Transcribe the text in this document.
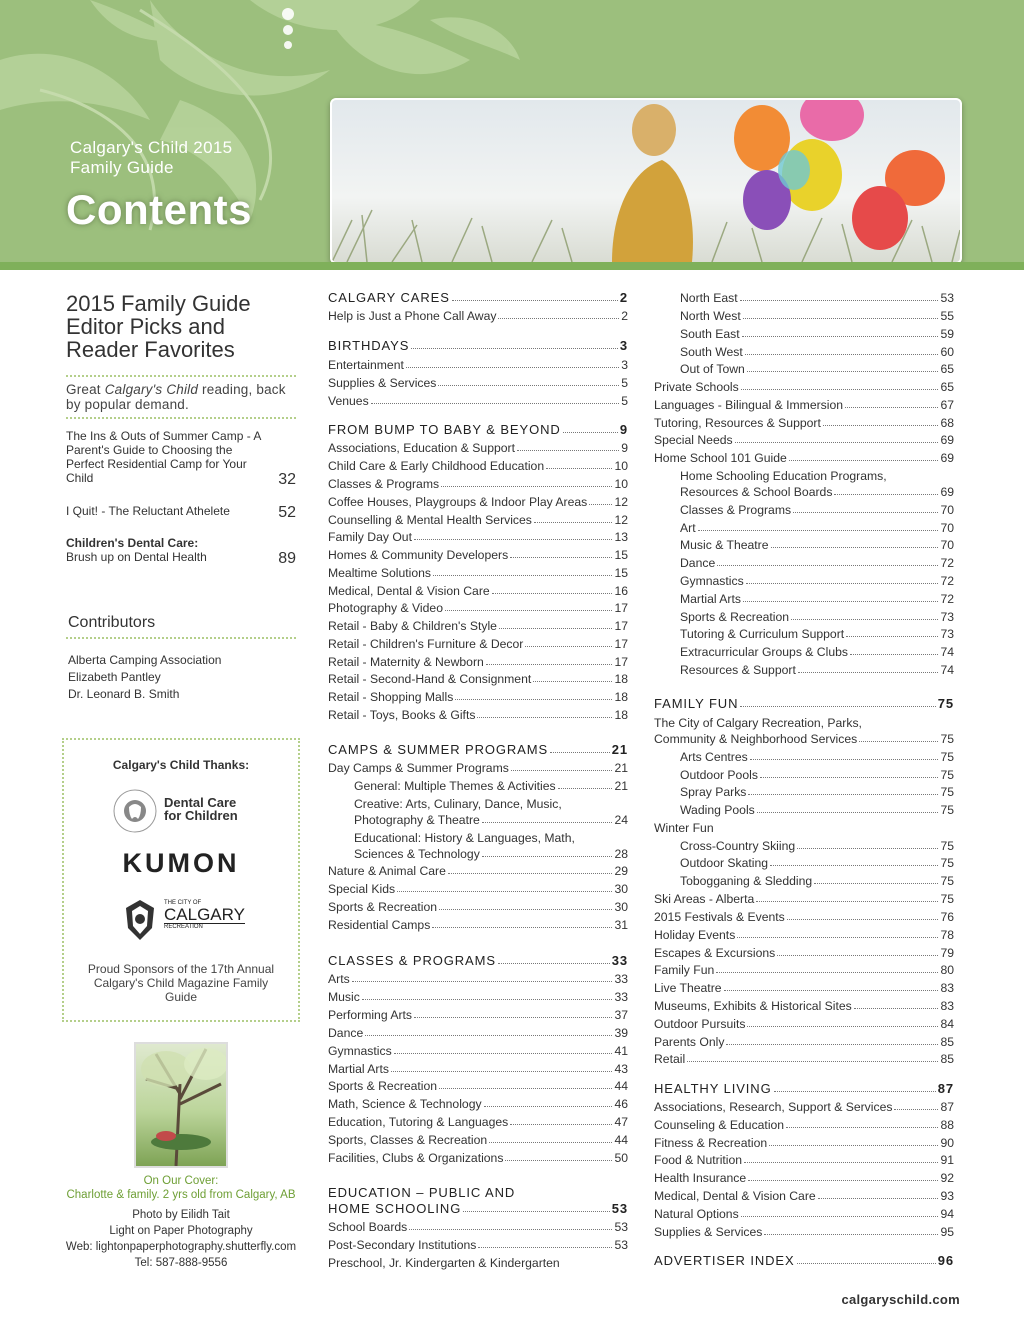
Calgary's Child 2015 Family Guide
Contents
2015 Family Guide Editor Picks and Reader Favorites
Great Calgary's Child reading, back by popular demand.
The Ins & Outs of Summer Camp - A Parent's Guide to Choosing the Perfect Residential Camp for Your Child	32
I Quit! - The Reluctant Athelete	52
Children's Dental Care:
Brush up on Dental Health	89
Contributors
Alberta Camping Association
Elizabeth Pantley
Dr. Leonard B. Smith
Calgary's Child Thanks:
Dental Care
for Children
KUMON
THE CITY OF
CALGARY
RECREATION
Proud Sponsors of the 17th Annual Calgary's Child Magazine Family Guide
On Our Cover:
Charlotte & family. 2 yrs old from Calgary, AB
Photo by Eilidh Tait
Light on Paper Photography
Web: lightonpaperphotography.shutterfly.com
Tel: 587-888-9556
CALGARY CARES	2
Help is Just a Phone Call Away	2
BIRTHDAYS	3
Entertainment	3
Supplies & Services	5
Venues	5
FROM BUMP TO BABY & BEYOND	9
Associations, Education & Support	9
Child Care & Early Childhood Education	10
Classes & Programs	10
Coffee Houses, Playgroups & Indoor Play Areas 12
Counselling & Mental Health Services	12
Family Day Out	13
Homes & Community Developers	15
Mealtime Solutions	15
Medical, Dental & Vision Care	16
Photography & Video	17
Retail - Baby & Children's Style	17
Retail - Children's Furniture & Decor	17
Retail - Maternity & Newborn	17
Retail - Second-Hand & Consignment	18
Retail - Shopping Malls	18
Retail - Toys, Books & Gifts	18
CAMPS & SUMMER PROGRAMS	21
Day Camps & Summer Programs	21
General: Multiple Themes & Activities	21
Creative: Arts, Culinary, Dance, Music,
Photography & Theatre	24
Educational: History & Languages, Math,
Sciences & Technology	28
Nature & Animal Care	29
Special Kids	30
Sports & Recreation	30
Residential Camps	31
CLASSES & PROGRAMS	33
Arts	33
Music	33
Performing Arts	37
Dance	39
Gymnastics	41
Martial Arts	43
Sports & Recreation	44
Math, Science & Technology	46
Education, Tutoring & Languages	47
Sports, Classes & Recreation	44
Facilities, Clubs & Organizations	50
EDUCATION – PUBLIC AND
HOME SCHOOLING	53
School Boards	53
Post-Secondary Institutions	53
Preschool, Jr. Kindergarten & Kindergarten
North East	53
North West	55
South East	59
South West	60
Out of Town	65
Private Schools	65
Languages - Bilingual & Immersion	67
Tutoring, Resources & Support	68
Special Needs	69
Home School 101 Guide	69
Home Schooling Education Programs,
Resources & School Boards	69
Classes & Programs	70
Art	70
Music & Theatre	70
Dance	72
Gymnastics	72
Martial Arts	72
Sports & Recreation	73
Tutoring & Curriculum Support	73
Extracurricular Groups & Clubs	74
Resources & Support	74
FAMILY FUN	75
The City of Calgary Recreation, Parks,
Community & Neighborhood Services	75
Arts Centres	75
Outdoor Pools	75
Spray Parks	75
Wading Pools	75
Winter Fun
Cross-Country Skiing	75
Outdoor Skating	75
Tobogganing & Sledding	75
Ski Areas - Alberta	75
2015 Festivals & Events	76
Holiday Events	78
Escapes & Excursions	79
Family Fun	80
Live Theatre	83
Museums, Exhibits & Historical Sites	83
Outdoor Pursuits	84
Parents Only	85
Retail	85
HEALTHY LIVING	87
Associations, Research, Support & Services	87
Counseling & Education	88
Fitness & Recreation	90
Food & Nutrition	91
Health Insurance	92
Medical, Dental & Vision Care	93
Natural Options	94
Supplies & Services	95
ADVERTISER INDEX	96
calgaryschild.com
